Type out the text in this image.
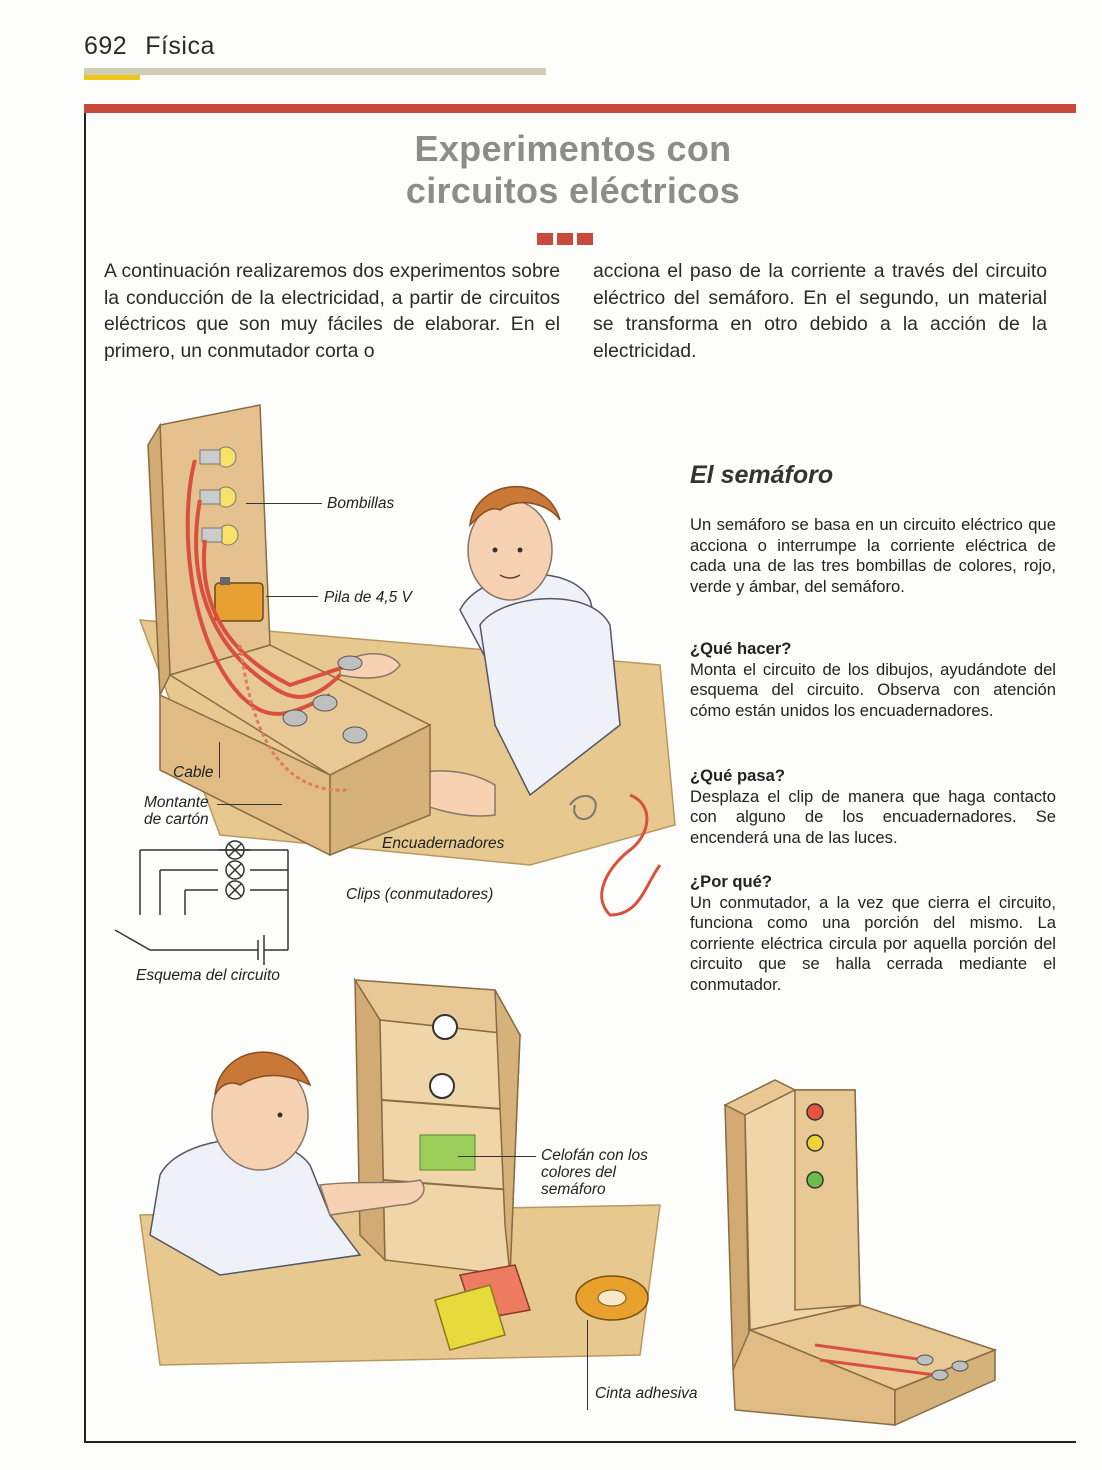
692 Física
Experimentos con
circuitos eléctricos
A continuación realizaremos dos experimentos sobre la conducción de la electricidad, a partir de circuitos eléctricos que son muy fáciles de elaborar. En el primero, un conmutador corta o
acciona el paso de la corriente a través del circuito eléctrico del semáforo. En el segundo, un material se transforma en otro debido a la acción de la electricidad.
El semáforo

Un semáforo se basa en un circuito eléctrico que acciona o interrumpe la corriente eléctrica de cada una de las tres bombillas de colores, rojo, verde y ámbar, del semáforo.

¿Qué hacer?

Monta el circuito de los dibujos, ayudándote del esquema del circuito. Observa con atención cómo están unidos los encuadernadores.

¿Qué pasa?

Desplaza el clip de manera que haga contacto con alguno de los encuadernadores. Se encenderá una de las luces.

¿Por qué?

Un conmutador, a la vez que cierra el circuito, funciona como una porción del mismo. La corriente eléctrica circula por aquella porción del circuito que se halla cerrada mediante el conmutador.

Bombillas
Pila de 4,5 V
Cable
Montante
de cartón
Encuadernadores
Clips (conmutadores)
Esquema del circuito
Celofán con los
colores del
semáforo
Cinta adhesiva
